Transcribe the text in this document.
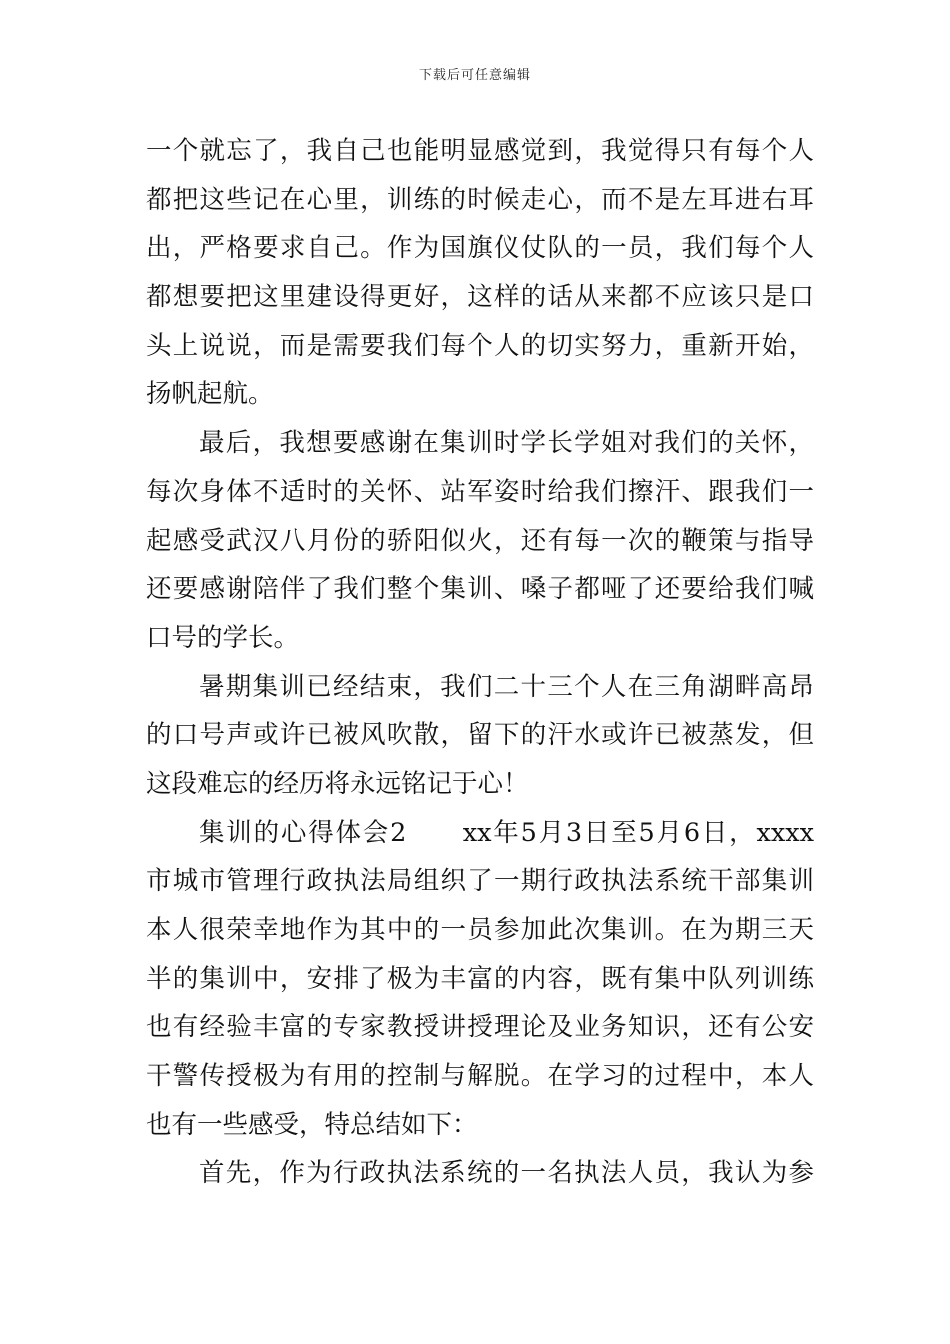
下载后可任意编辑
一个就忘了，我自己也能明显感觉到，我觉得只有每个人
都把这些记在心里，训练的时候走心，而不是左耳进右耳
出，严格要求自己。作为国旗仪仗队的一员，我们每个人
都想要把这里建设得更好，这样的话从来都不应该只是口
头上说说，而是需要我们每个人的切实努力，重新开始，
扬帆起航。
最后，我想要感谢在集训时学长学姐对我们的关怀，
每次身体不适时的关怀、站军姿时给我们擦汗、跟我们一
起感受武汉八月份的骄阳似火，还有每一次的鞭策与指导
还要感谢陪伴了我们整个集训、嗓子都哑了还要给我们喊
口号的学长。
暑期集训已经结束，我们二十三个人在三角湖畔高昂
的口号声或许已被风吹散，留下的汗水或许已被蒸发，但
这段难忘的经历将永远铭记于心！
集训的心得体会2　　xx年5月3日至5月6日，xxxx
市城市管理行政执法局组织了一期行政执法系统干部集训
本人很荣幸地作为其中的一员参加此次集训。在为期三天
半的集训中，安排了极为丰富的内容，既有集中队列训练
也有经验丰富的专家教授讲授理论及业务知识，还有公安
干警传授极为有用的控制与解脱。在学习的过程中，本人
也有一些感受，特总结如下：
首先，作为行政执法系统的一名执法人员，我认为参
